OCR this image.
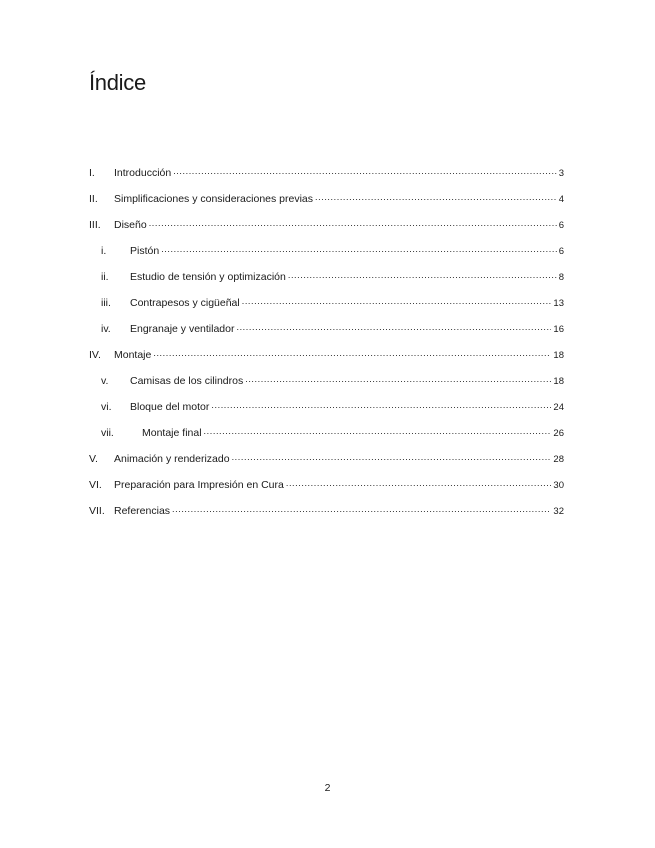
Índice
I.	Introducción .....	3
II.	Simplificaciones y consideraciones previas .....	4
III.	Diseño .....	6
i.	Pistón .....	6
ii.	Estudio de tensión y optimización .....	8
iii.	Contrapesos y cigüeñal .....	13
iv.	Engranaje y ventilador .....	16
IV.	Montaje .....	18
v.	Camisas de los cilindros .....	18
vi.	Bloque del motor .....	24
vii.	Montaje final .....	26
V.	Animación y renderizado .....	28
VI.	Preparación para Impresión en Cura .....	30
VII. Referencias .....	32
2
